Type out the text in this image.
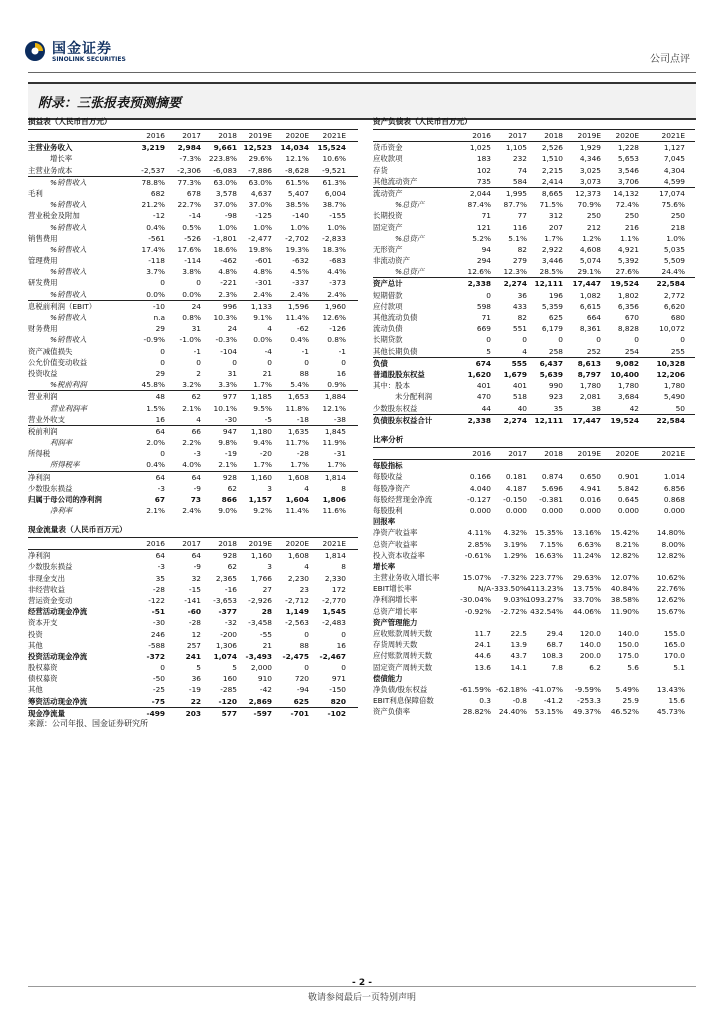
国金证券
SINOLINK SECURITIES	公司点评
附录：三张报表预测摘要
损益表（人民币百万元）
2016	2017	2018	2019E	2020E	2021E
主营业务收入	3,219	2,984	9,661 12,523	14,034	15,524
增长率	-7.3%	223.8%	29.6%	12.1%	10.6%
主营业务成本	-2,537	-2,306	-6,083	-7,886	-8,628	-9,521
%销售收入	78.8%	77.3%	63.0%	63.0%	61.5%	61.3%
毛利	682	678	3,578	4,637	5,407	6,004
%销售收入	21.2%	22.7%	37.0%	37.0%	38.5%	38.7%
营业税金及附加	-12	-14	-98	-125	-140	-155
%销售收入	0.4%	0.5%	1.0%	1.0%	1.0%	1.0%
销售费用	-561	-526	-1,801	-2,477	-2,702	-2,833
%销售收入	17.4%	17.6%	18.6%	19.8%	19.3%	18.3%
管理费用	-118	-114	-462	-601	-632	-683
%销售收入	3.7%	3.8%	4.8%	4.8%	4.5%	4.4%
研发费用	0	0	-221	-301	-337	-373
%销售收入	0.0%	0.0%	2.3%	2.4%	2.4%	2.4%
息税前利润（EBIT）	-10	24	996	1,133	1,596	1,960
%销售收入	n.a	0.8%	10.3%	9.1%	11.4%	12.6%
财务费用	29	31	24	4	-62	-126
%销售收入	-0.9%	-1.0%	-0.3%	0.0%	0.4%	0.8%
资产减值损失	0	-1	-104	-4	-1	-1
公允价值变动收益	0	0	0	0	0	0
投资收益	29	2	31	21	88	16
%税前利润	45.8%	3.2%	3.3%	1.7%	5.4%	0.9%
营业利润	48	62	977	1,185	1,653	1,884
营业利润率	1.5%	2.1%	10.1%	9.5%	11.8%	12.1%
营业外收支	16	4	-30	-5	-18	-38
税前利润	64	66	947	1,180	1,635	1,845
利润率	2.0%	2.2%	9.8%	9.4%	11.7%	11.9%
所得税	0	-3	-19	-20	-28	-31
所得税率	0.4%	4.0%	2.1%	1.7%	1.7%	1.7%
净利润	64	64	928	1,160	1,608	1,814
少数股东损益	-3	-9	62	3	4	8
归属于母公司的净利润	67	73	866	1,157	1,604	1,806
净利率	2.1%	2.4%	9.0%	9.2%	11.4%	11.6%
资产负债表（人民币百万元）
2016	2017	2018	2019E	2020E	2021E
货币资金	1,025	1,105	2,526	1,929	1,228	1,127
应收款项	183	232	1,510	4,346	5,653	7,045
存货	102	74	2,215	3,025	3,546	4,304
其他流动资产	735	584	2,414	3,073	3,706	4,599
流动资产	2,044	1,995	8,665	12,373	14,132	17,074
%总资产	87.4%	87.7%	71.5%	70.9%	72.4%	75.6%
长期投资	71	77	312	250	250	250
固定资产	121	116	207	212	216	218
%总资产	5.2%	5.1%	1.7%	1.2%	1.1%	1.0%
无形资产	94	82	2,922	4,608	4,921	5,035
非流动资产	294	279	3,446	5,074	5,392	5,509
%总资产	12.6%	12.3%	28.5%	29.1%	27.6%	24.4%
资产总计	2,338	2,274	12,111	17,447	19,524	22,584
短期借款	0	36	196	1,082	1,802	2,772
应付款项	598	433	5,359	6,615	6,356	6,620
其他流动负债	71	82	625	664	670	680
流动负债	669	551	6,179	8,361	8,828	10,072
长期贷款	0	0	0	0	0	0
其他长期负债	5	4	258	252	254	255
负债	674	555	6,437	8,613	9,082	10,328
普通股股东权益	1,620	1,679	5,639	8,797	10,400	12,206
其中：股本	401	401	990	1,780	1,780	1,780
未分配利润	470	518	923	2,081	3,684	5,490
少数股东权益	44	40	35	38	42	50
负债股东权益合计	2,338	2,274	12,111	17,447	19,524	22,584
比率分析
2016	2017	2018	2019E	2020E	2021E
每股指标
每股收益	0.166	0.181	0.874	0.650	0.901	1.014
每股净资产	4.040	4.187	5.696	4.941	5.842	6.856
每股经营现金净流	-0.127	-0.150	-0.381	0.016	0.645	0.868
每股股利	0.000	0.000	0.000	0.000	0.000	0.000
回报率
净资产收益率	4.11%	4.32%	15.35%	13.16%	15.42%	14.80%
总资产收益率	2.85%	3.19%	7.15%	6.63%	8.21%	8.00%
投入资本收益率	-0.61%	1.29%	16.63%	11.24%	12.82%	12.82%
增长率
主营业务收入增长率	15.07%	-7.32% 223.77%	29.63%	12.07%	10.62%
EBIT增长率	N/A -333.50% 4113.23%	13.75%	40.84%	22.76%
净利润增长率	-30.04%	9.03% 1093.27%	33.70%	38.58%	12.62%
总资产增长率	-0.92%	-2.72% 432.54%	44.06%	11.90%	15.67%
资产管理能力
应收账款周转天数	11.7	22.5	29.4	120.0	140.0	155.0
存货周转天数	24.1	13.9	68.7	140.0	150.0	165.0
应付账款周转天数	44.6	43.7	108.3	200.0	175.0	170.0
固定资产周转天数	13.6	14.1	7.8	6.2	5.6	5.1
偿债能力
净负债/股东权益	-61.59% -62.18% -41.07%	-9.59%	5.49%	13.43%
EBIT利息保障倍数	0.3	-0.8	-41.2	-253.3	25.9	15.6
资产负债率	28.82%	24.40%	53.15%	49.37%	46.52%	45.73%
现金流量表（人民币百万元）
2016	2017	2018	2019E	2020E	2021E
净利润	64	64	928	1,160	1,608	1,814
少数股东损益	-3	-9	62	3	4	8
非现金支出	35	32	2,365	1,766	2,230	2,330
非经营收益	-28	-15	-16	27	23	172
营运资金变动	-122	-141	-3,653	-2,926	-2,712	-2,770
经营活动现金净流	-51	-60	-377	28	1,149	1,545
资本开支	-30	-28	-32	-3,458	-2,563	-2,483
投资	246	12	-200	-55	0	0
其他	-588	257	1,306	21	88	16
投资活动现金净流	-372	241	1,074	-3,493	-2,475	-2,467
股权募资	0	5	5	2,000	0	0
债权募资	-50	36	160	910	720	971
其他	-25	-19	-285	-42	-94	-150
筹资活动现金净流	-75	22	-120	2,869	625	820
现金净流量	-499	203	577	-597	-701	-102
来源：公司年报、国金证券研究所
- 2 -
敬请参阅最后一页特别声明
